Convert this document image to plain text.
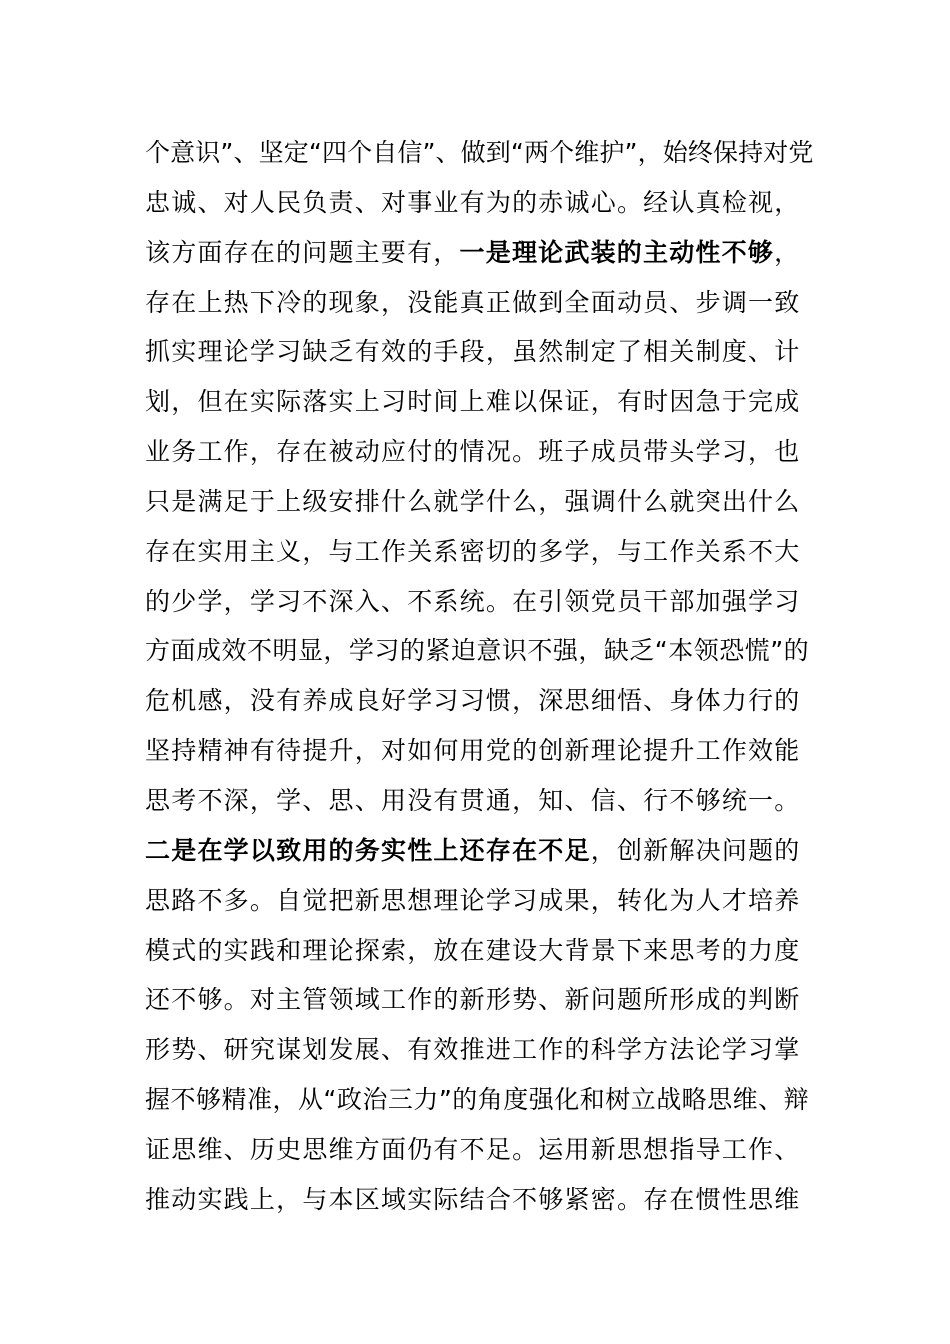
个意识”、坚定“四个自信”、做到“两个维护”，始终保持对党
忠诚、对人民负责、对事业有为的赤诚心。经认真检视，
该方面存在的问题主要有，一是理论武装的主动性不够，
存在上热下冷的现象，没能真正做到全面动员、步调一致
抓实理论学习缺乏有效的手段，虽然制定了相关制度、计
划，但在实际落实上习时间上难以保证，有时因急于完成
业务工作，存在被动应付的情况。班子成员带头学习，也
只是满足于上级安排什么就学什么，强调什么就突出什么
存在实用主义，与工作关系密切的多学，与工作关系不大
的少学，学习不深入、不系统。在引领党员干部加强学习
方面成效不明显，学习的紧迫意识不强，缺乏“本领恐慌”的
危机感，没有养成良好学习习惯，深思细悟、身体力行的
坚持精神有待提升，对如何用党的创新理论提升工作效能
思考不深，学、思、用没有贯通，知、信、行不够统一。
二是在学以致用的务实性上还存在不足，创新解决问题的
思路不多。自觉把新思想理论学习成果，转化为人才培养
模式的实践和理论探索，放在建设大背景下来思考的力度
还不够。对主管领域工作的新形势、新问题所形成的判断
形势、研究谋划发展、有效推进工作的科学方法论学习掌
握不够精准，从“政治三力”的角度强化和树立战略思维、辩
证思维、历史思维方面仍有不足。运用新思想指导工作、
推动实践上，与本区域实际结合不够紧密。存在惯性思维
